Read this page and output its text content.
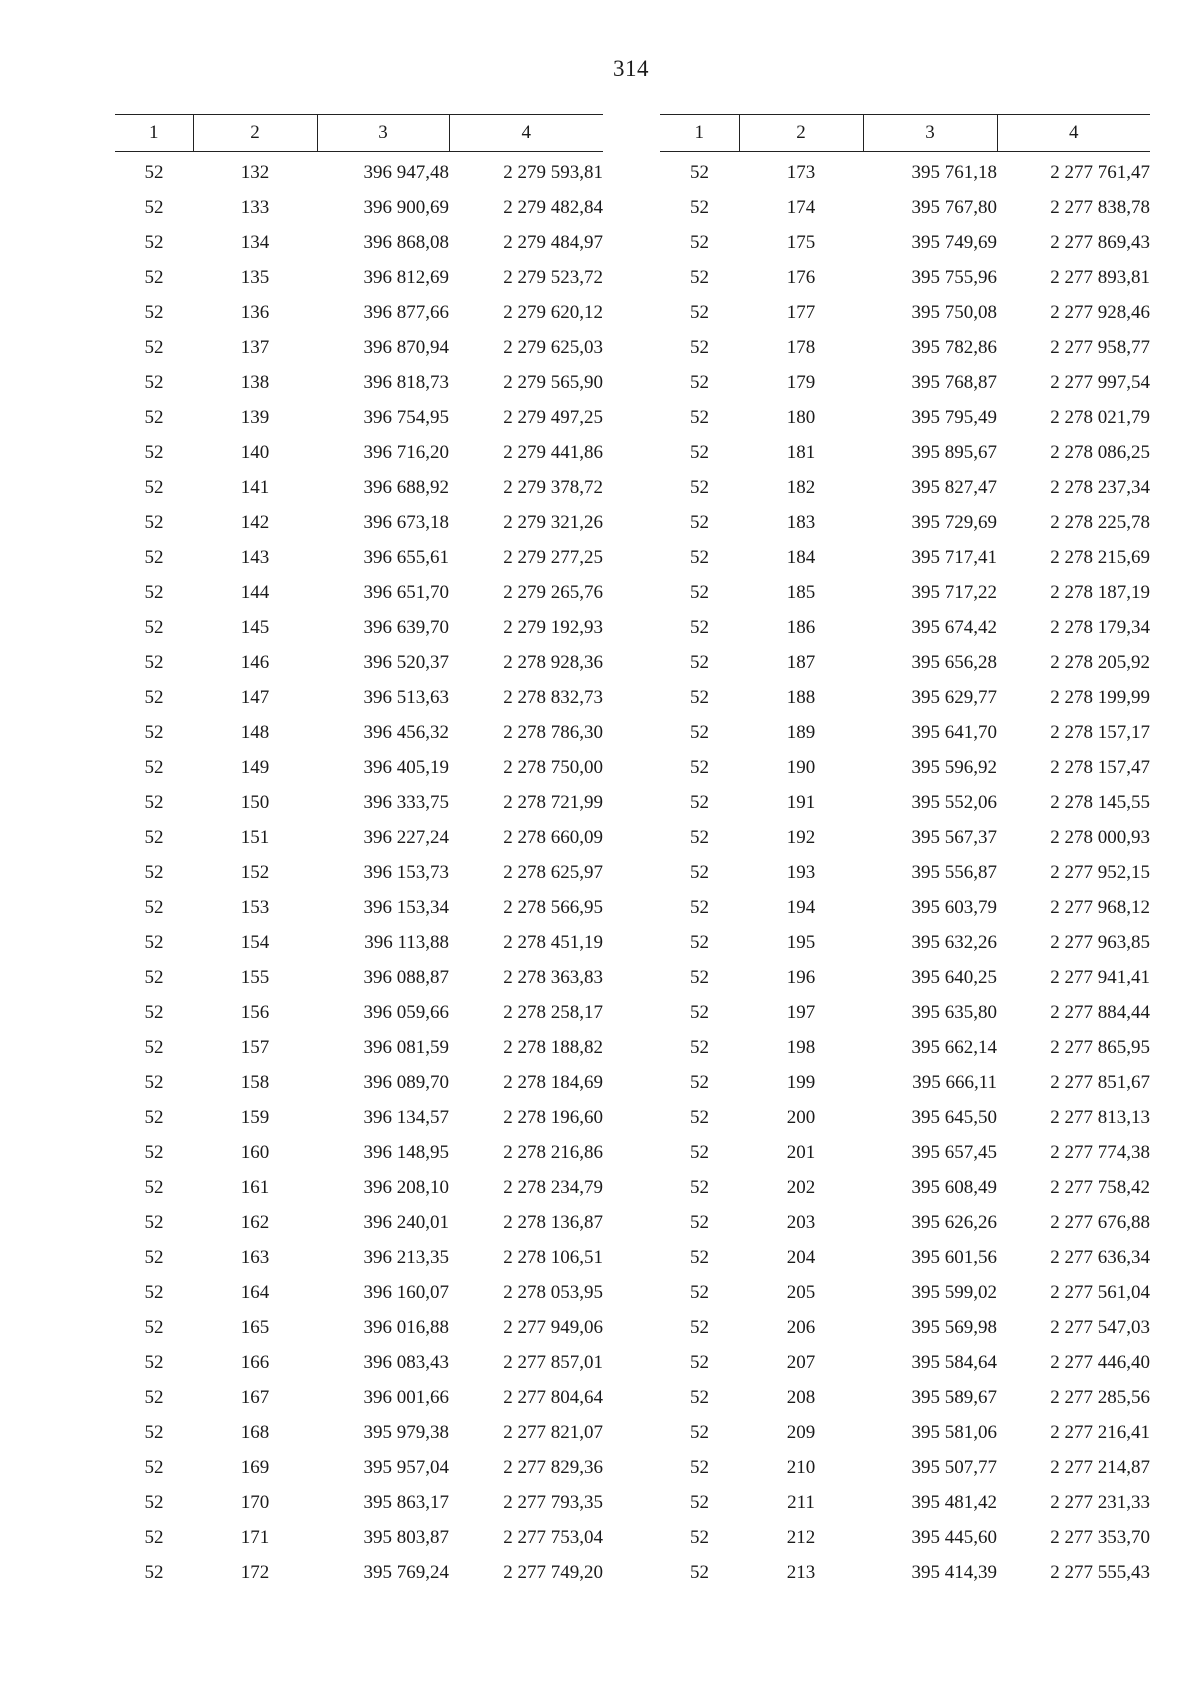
314
1	2	3	4
52	132	396 947,48	2 279 593,81
52	133	396 900,69	2 279 482,84
52	134	396 868,08	2 279 484,97
52	135	396 812,69	2 279 523,72
52	136	396 877,66	2 279 620,12
52	137	396 870,94	2 279 625,03
52	138	396 818,73	2 279 565,90
52	139	396 754,95	2 279 497,25
52	140	396 716,20	2 279 441,86
52	141	396 688,92	2 279 378,72
52	142	396 673,18	2 279 321,26
52	143	396 655,61	2 279 277,25
52	144	396 651,70	2 279 265,76
52	145	396 639,70	2 279 192,93
52	146	396 520,37	2 278 928,36
52	147	396 513,63	2 278 832,73
52	148	396 456,32	2 278 786,30
52	149	396 405,19	2 278 750,00
52	150	396 333,75	2 278 721,99
52	151	396 227,24	2 278 660,09
52	152	396 153,73	2 278 625,97
52	153	396 153,34	2 278 566,95
52	154	396 113,88	2 278 451,19
52	155	396 088,87	2 278 363,83
52	156	396 059,66	2 278 258,17
52	157	396 081,59	2 278 188,82
52	158	396 089,70	2 278 184,69
52	159	396 134,57	2 278 196,60
52	160	396 148,95	2 278 216,86
52	161	396 208,10	2 278 234,79
52	162	396 240,01	2 278 136,87
52	163	396 213,35	2 278 106,51
52	164	396 160,07	2 278 053,95
52	165	396 016,88	2 277 949,06
52	166	396 083,43	2 277 857,01
52	167	396 001,66	2 277 804,64
52	168	395 979,38	2 277 821,07
52	169	395 957,04	2 277 829,36
52	170	395 863,17	2 277 793,35
52	171	395 803,87	2 277 753,04
52	172	395 769,24	2 277 749,20
1	2	3	4
52	173	395 761,18	2 277 761,47
52	174	395 767,80	2 277 838,78
52	175	395 749,69	2 277 869,43
52	176	395 755,96	2 277 893,81
52	177	395 750,08	2 277 928,46
52	178	395 782,86	2 277 958,77
52	179	395 768,87	2 277 997,54
52	180	395 795,49	2 278 021,79
52	181	395 895,67	2 278 086,25
52	182	395 827,47	2 278 237,34
52	183	395 729,69	2 278 225,78
52	184	395 717,41	2 278 215,69
52	185	395 717,22	2 278 187,19
52	186	395 674,42	2 278 179,34
52	187	395 656,28	2 278 205,92
52	188	395 629,77	2 278 199,99
52	189	395 641,70	2 278 157,17
52	190	395 596,92	2 278 157,47
52	191	395 552,06	2 278 145,55
52	192	395 567,37	2 278 000,93
52	193	395 556,87	2 277 952,15
52	194	395 603,79	2 277 968,12
52	195	395 632,26	2 277 963,85
52	196	395 640,25	2 277 941,41
52	197	395 635,80	2 277 884,44
52	198	395 662,14	2 277 865,95
52	199	395 666,11	2 277 851,67
52	200	395 645,50	2 277 813,13
52	201	395 657,45	2 277 774,38
52	202	395 608,49	2 277 758,42
52	203	395 626,26	2 277 676,88
52	204	395 601,56	2 277 636,34
52	205	395 599,02	2 277 561,04
52	206	395 569,98	2 277 547,03
52	207	395 584,64	2 277 446,40
52	208	395 589,67	2 277 285,56
52	209	395 581,06	2 277 216,41
52	210	395 507,77	2 277 214,87
52	211	395 481,42	2 277 231,33
52	212	395 445,60	2 277 353,70
52	213	395 414,39	2 277 555,43
